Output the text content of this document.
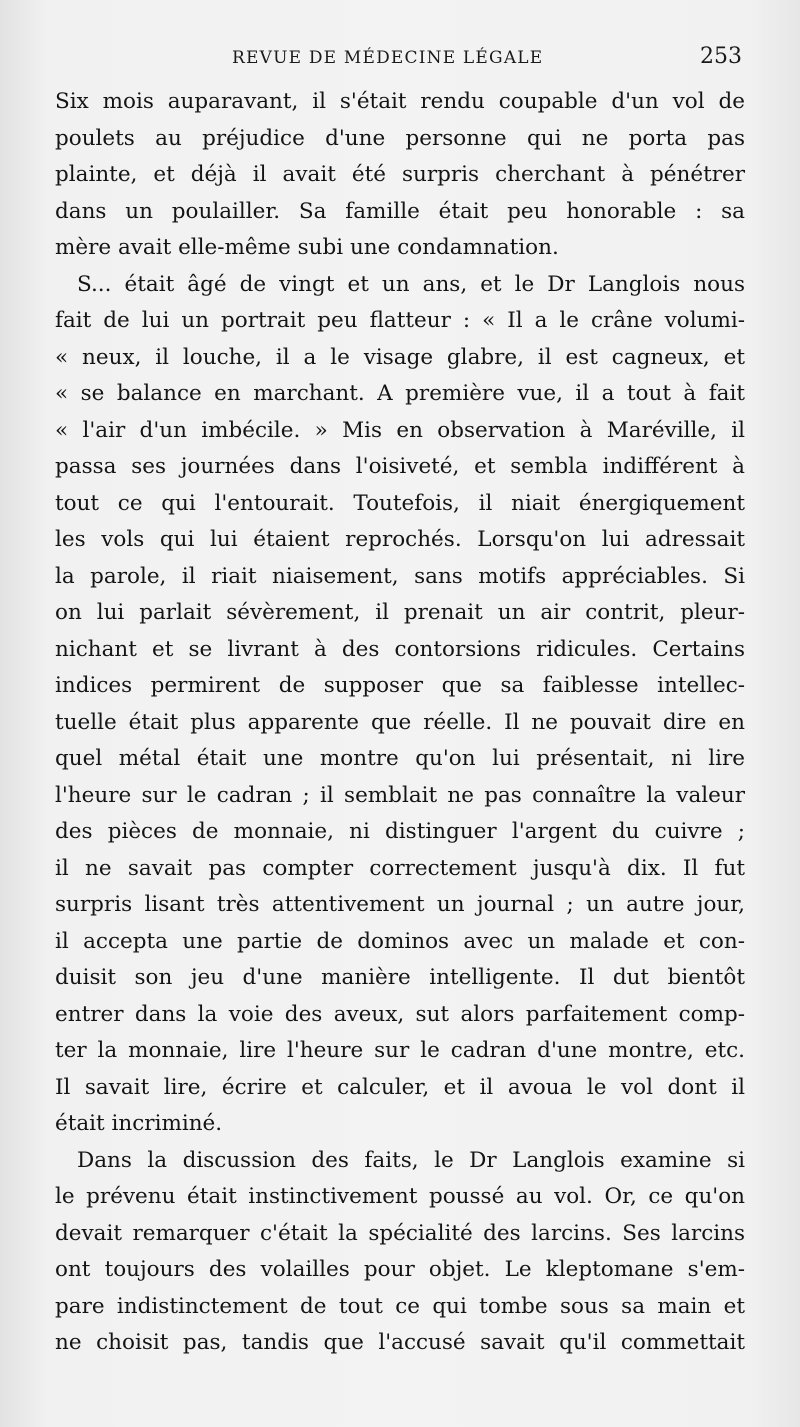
REVUE DE MÉDECINE LÉGALE	253
Six mois auparavant, il s'était rendu coupable d'un vol de
poulets au préjudice d'une personne qui ne porta pas
plainte, et déjà il avait été surpris cherchant à pénétrer
dans un poulailler. Sa famille était peu honorable : sa
mère avait elle-même subi une condamnation.
S... était âgé de vingt et un ans, et le Dr Langlois nous
fait de lui un portrait peu flatteur : « Il a le crâne volumi-
« neux, il louche, il a le visage glabre, il est cagneux, et
« se balance en marchant. A première vue, il a tout à fait
« l'air d'un imbécile. » Mis en observation à Maréville, il
passa ses journées dans l'oisiveté, et sembla indifférent à
tout ce qui l'entourait. Toutefois, il niait énergiquement
les vols qui lui étaient reprochés. Lorsqu'on lui adressait
la parole, il riait niaisement, sans motifs appréciables. Si
on lui parlait sévèrement, il prenait un air contrit, pleur-
nichant et se livrant à des contorsions ridicules. Certains
indices permirent de supposer que sa faiblesse intellec-
tuelle était plus apparente que réelle. Il ne pouvait dire en
quel métal était une montre qu'on lui présentait, ni lire
l'heure sur le cadran ; il semblait ne pas connaître la valeur
des pièces de monnaie, ni distinguer l'argent du cuivre ;
il ne savait pas compter correctement jusqu'à dix. Il fut
surpris lisant très attentivement un journal ; un autre jour,
il accepta une partie de dominos avec un malade et con-
duisit son jeu d'une manière intelligente. Il dut bientôt
entrer dans la voie des aveux, sut alors parfaitement comp-
ter la monnaie, lire l'heure sur le cadran d'une montre, etc.
Il savait lire, écrire et calculer, et il avoua le vol dont il
était incriminé.
Dans la discussion des faits, le Dr Langlois examine si
le prévenu était instinctivement poussé au vol. Or, ce qu'on
devait remarquer c'était la spécialité des larcins. Ses larcins
ont toujours des volailles pour objet. Le kleptomane s'em-
pare indistinctement de tout ce qui tombe sous sa main et
ne choisit pas, tandis que l'accusé savait qu'il commettait
